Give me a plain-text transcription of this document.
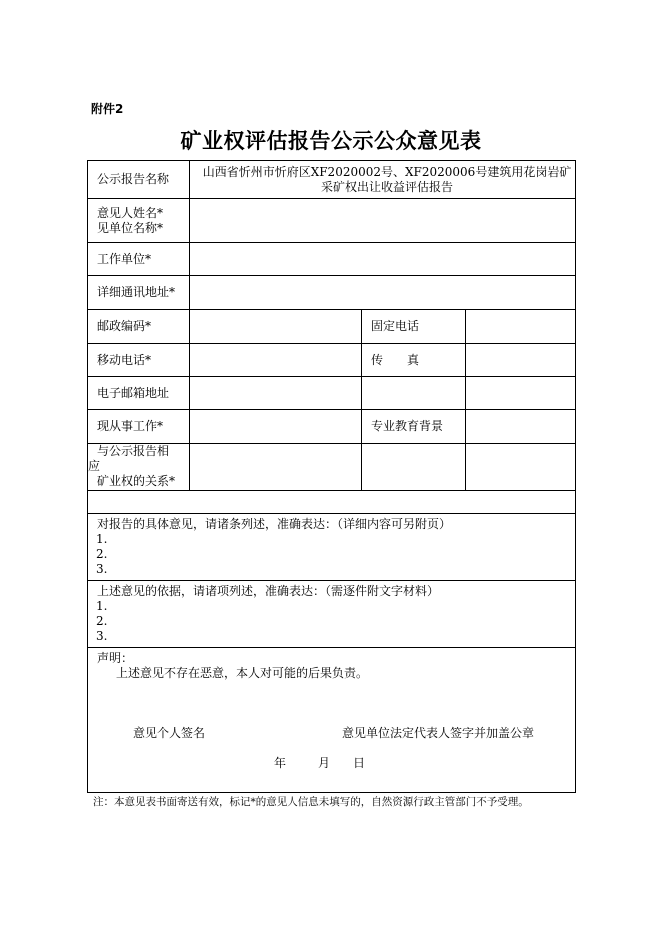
附件2
矿业权评估报告公示公众意见表
公示报告名称	山西省忻州市忻府区XF2020002号、XF2020006号建筑用花岗岩矿
采矿权出让收益评估报告		

意见人姓名*
见单位名称*			

工作单位*			
详细通讯地址*			
邮政编码*		固定电话	
移动电话*		传　　真	
电子邮箱地址			
现从事工作*		专业教育背景	

与公示报告相
应
矿业权的关系*			

对报告的具体意见，请诸条列述，准确表达：（详细内容可另附页）
1.
2.
3.			

上述意见的依据，请诸项列述，准确表达：（需逐件附文字材料）
1.
2.
3.			

声明：
上述意见不存在恶意，本人对可能的后果负责。			
意见个人签名	意见单位法定代表人签字并加盖公章
年	月 日
注：本意见表书面寄送有效，标记*的意见人信息未填写的，自然资源行政主管部门不予受理。
